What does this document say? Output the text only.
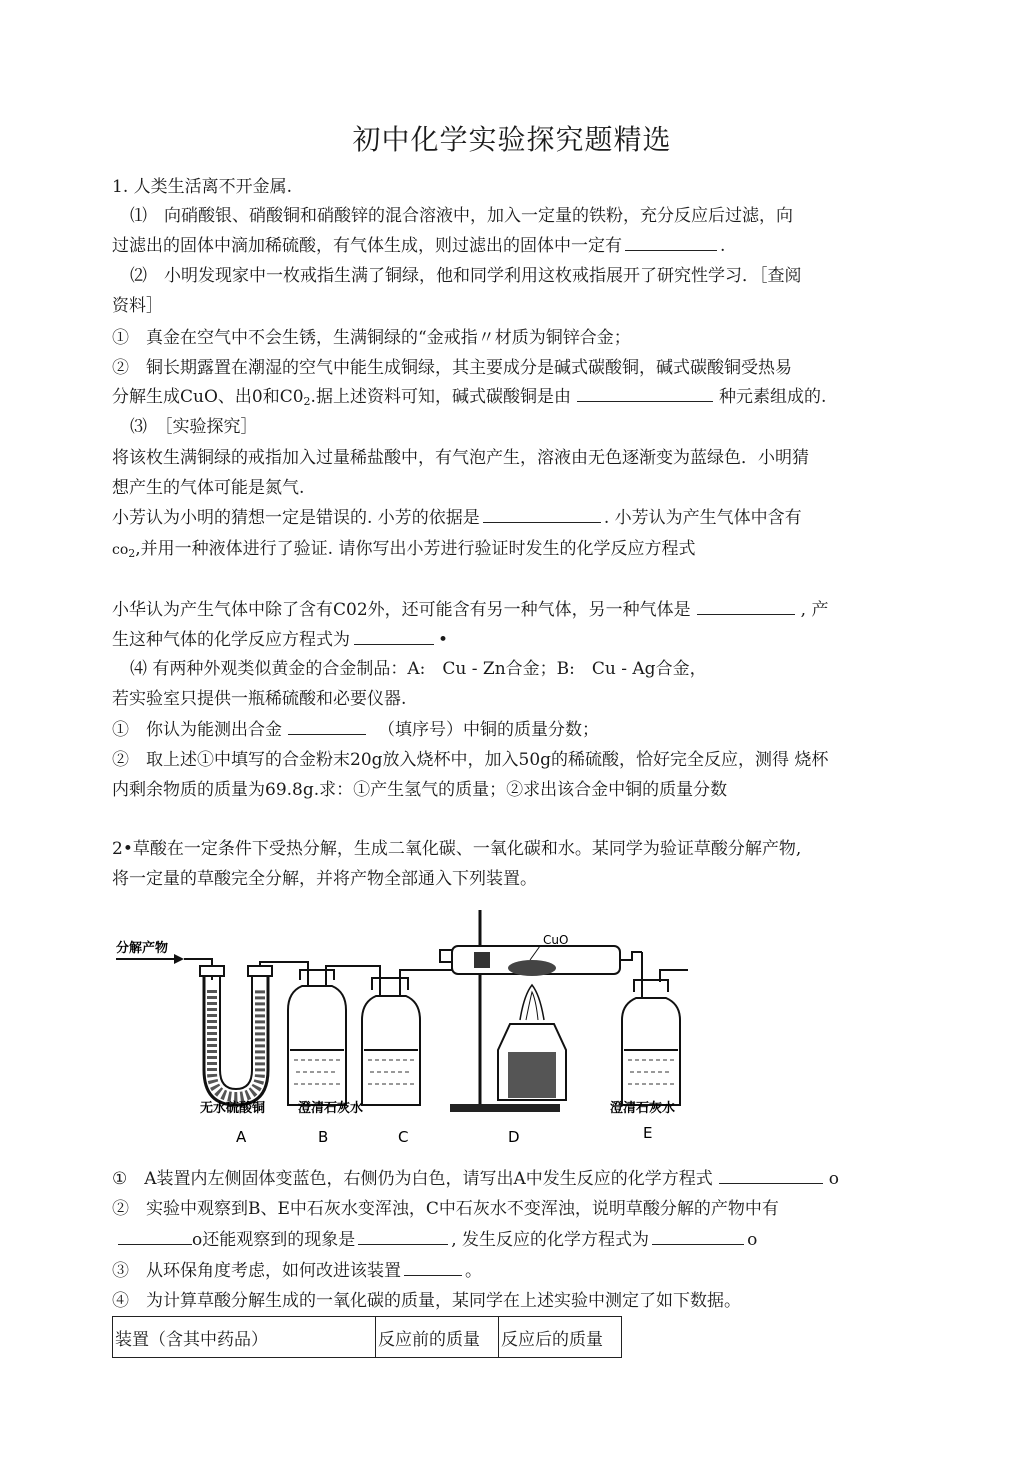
初中化学实验探究题精选
1. 人类生活离不开金属.
⑴　向硝酸银、硝酸铜和硝酸锌的混合溶液中，加入一定量的铁粉，充分反应后过滤，向
过滤出的固体中滴加稀硫酸，有气体生成，则过滤出的固体中一定有	.
⑵　小明发现家中一枚戒指生满了铜绿，他和同学利用这枚戒指展开了研究性学习．［查阅
资料］
①　真金在空气中不会生锈，生满铜绿的“金戒指〃材质为铜锌合金；
②　铜长期露置在潮湿的空气中能生成铜绿，其主要成分是碱式碳酸铜，碱式碳酸铜受热易
分解生成CuO、出0和$C0_2$.据上述资料可知，碱式碳酸铜是由	种元素组成的.
⑶　［实验探究］
将该枚生满铜绿的戒指加入过量稀盐酸中，有气泡产生，溶液由无色逐渐变为蓝绿色．小明猜
想产生的气体可能是氮气.
小芳认为小明的猜想一定是错误的. 小芳的依据是	. 小芳认为产生气体中含有
$co_2$,并用一种液体进行了验证. 请你写出小芳进行验证时发生的化学反应方程式
小华认为产生气体中除了含有C02外，还可能含有另一种气体，另一种气体是	, 产
生这种气体的化学反应方程式为	•
⑷ 有两种外观类似黄金的合金制品：A:　Cu - Zn合金；B:　Cu - Ag合金，
若实验室只提供一瓶稀硫酸和必要仪器.
①　你认为能测出合金	（填序号）中铜的质量分数；
②　取上述①中填写的合金粉末20g放入烧杯中，加入50g的稀硫酸，恰好完全反应，测得 烧杯
内剩余物质的质量为69.8g.求：①产生氢气的质量；②求出该合金中铜的质量分数
2•草酸在一定条件下受热分解，生成二氧化碳、一氧化碳和水。某同学为验证草酸分解产物,
将一定量的草酸完全分解，并将产物全部通入下列装置。
分解产物
CuO
无水硫酸铜	澄清石灰水	澄清石灰水
A	B	C	D	E
①　A装置内左侧固体变蓝色，右侧仍为白色，请写出A中发生反应的化学方程式	o
②　实验中观察到B、E中石灰水变浑浊，C中石灰水不变浑浊，说明草酸分解的产物中有
o还能观察到的现象是	, 发生反应的化学方程式为	o
③　从环保角度考虑，如何改进该装置	。
④　为计算草酸分解生成的一氧化碳的质量，某同学在上述实验中测定了如下数据。
装置（含其中药品）	反应前的质量	反应后的质量
